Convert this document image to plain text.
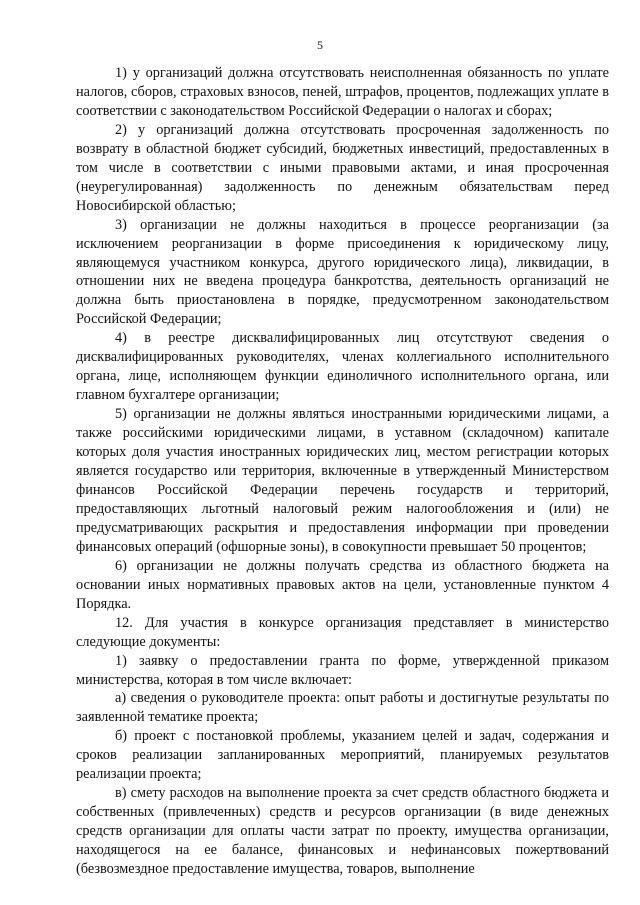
5

1) у организаций должна отсутствовать неисполненная обязанность по уплате налогов, сборов, страховых взносов, пеней, штрафов, процентов, подлежащих уплате в соответствии с законодательством Российской Федерации о налогах и сборах;

2) у организаций должна отсутствовать просроченная задолженность по возврату в областной бюджет субсидий, бюджетных инвестиций, предоставленных в том числе в соответствии с иными правовыми актами, и иная просроченная (неурегулированная) задолженность по денежным обязательствам перед Новосибирской областью;

3) организации не должны находиться в процессе реорганизации (за исключением реорганизации в форме присоединения к юридическому лицу, являющемуся участником конкурса, другого юридического лица), ликвидации, в отношении них не введена процедура банкротства, деятельность организаций не должна быть приостановлена в порядке, предусмотренном законодательством Российской Федерации;

4) в реестре дисквалифицированных лиц отсутствуют сведения о дисквалифицированных руководителях, членах коллегиального исполнительного органа, лице, исполняющем функции единоличного исполнительного органа, или главном бухгалтере организации;

5) организации не должны являться иностранными юридическими лицами, а также российскими юридическими лицами, в уставном (складочном) капитале которых доля участия иностранных юридических лиц, местом регистрации которых является государство или территория, включенные в утвержденный Министерством финансов Российской Федерации перечень государств и территорий, предоставляющих льготный налоговый режим налогообложения и (или) не предусматривающих раскрытия и предоставления информации при проведении финансовых операций (офшорные зоны), в совокупности превышает 50 процентов;

6) организации не должны получать средства из областного бюджета на основании иных нормативных правовых актов на цели, установленные пунктом 4 Порядка.

12. Для участия в конкурсе организация представляет в министерство следующие документы:

1) заявку о предоставлении гранта по форме, утвержденной приказом министерства, которая в том числе включает:

а) сведения о руководителе проекта: опыт работы и достигнутые результаты по заявленной тематике проекта;

б) проект с постановкой проблемы, указанием целей и задач, содержания и сроков реализации запланированных мероприятий, планируемых результатов реализации проекта;

в) смету расходов на выполнение проекта за счет средств областного бюджета и собственных (привлеченных) средств и ресурсов организации (в виде денежных средств организации для оплаты части затрат по проекту, имущества организации, находящегося на ее балансе, финансовых и нефинансовых пожертвований (безвозмездное предоставление имущества, товаров, выполнение
